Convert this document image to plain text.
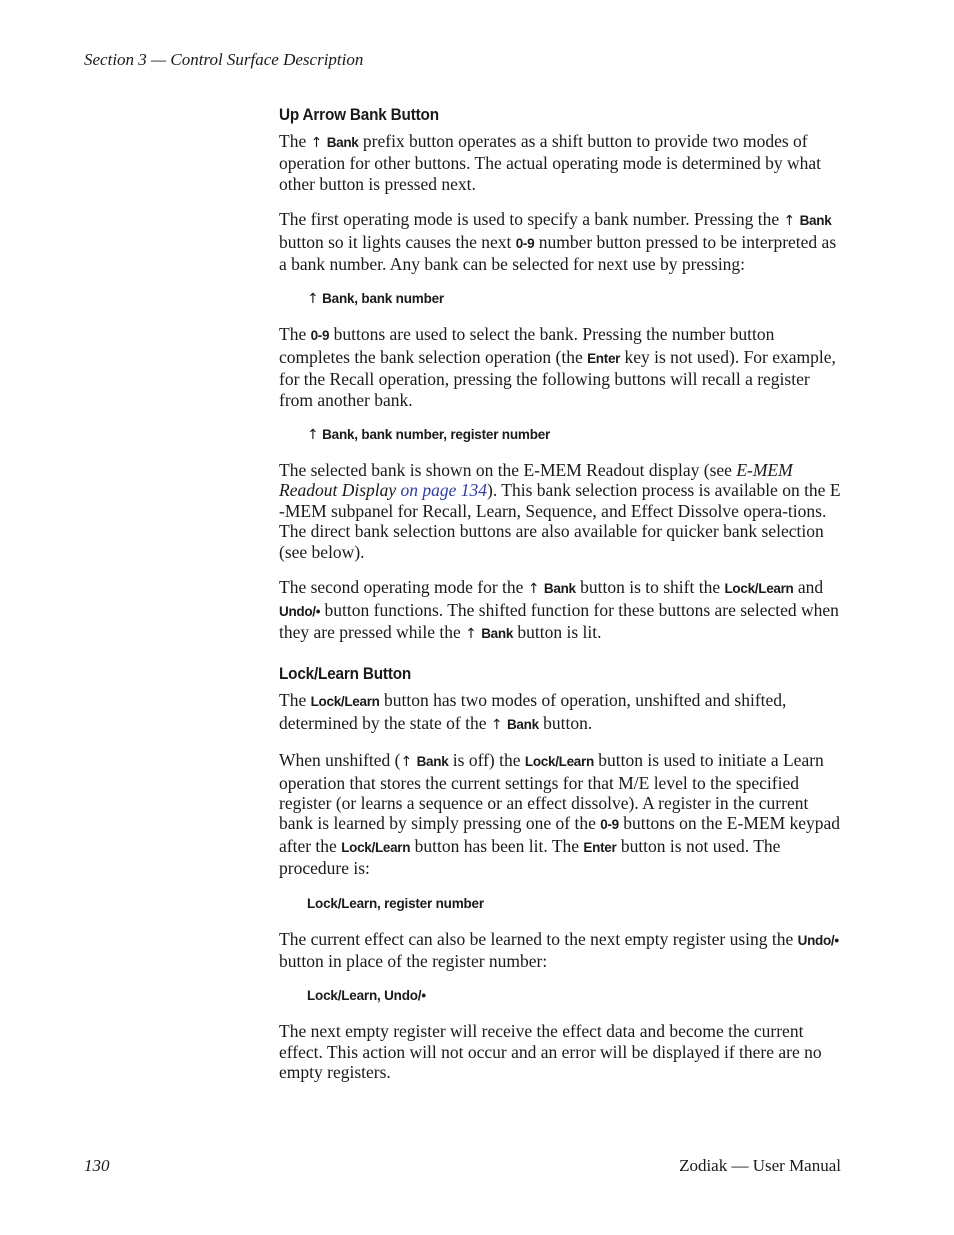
Section 3 — Control Surface Description
Up Arrow Bank Button

The ↑ Bank prefix button operates as a shift button to provide two modes of operation for other buttons. The actual operating mode is determined by what other button is pressed next.

The first operating mode is used to specify a bank number. Pressing the ↑ Bank button so it lights causes the next 0-9 number button pressed to be interpreted as a bank number. Any bank can be selected for next use by pressing:

↑ Bank, bank number

The 0-9 buttons are used to select the bank. Pressing the number button completes the bank selection operation (the Enter key is not used). For example, for the Recall operation, pressing the following buttons will recall a register from another bank.

↑ Bank, bank number, register number

The selected bank is shown on the E-MEM Readout display (see E-MEM Readout Display on page 134). This bank selection process is available on the E -MEM subpanel for Recall, Learn, Sequence, and Effect Dissolve opera-tions. The direct bank selection buttons are also available for quicker bank selection (see below).

The second operating mode for the ↑ Bank button is to shift the Lock/Learn and Undo/• button functions. The shifted function for these buttons are selected when they are pressed while the ↑ Bank button is lit.

Lock/Learn Button

The Lock/Learn button has two modes of operation, unshifted and shifted, determined by the state of the ↑ Bank button.

When unshifted (↑ Bank is off) the Lock/Learn button is used to initiate a Learn operation that stores the current settings for that M/E level to the specified register (or learns a sequence or an effect dissolve). A register in the current bank is learned by simply pressing one of the 0-9 buttons on the E-MEM keypad after the Lock/Learn button has been lit. The Enter button is not used. The procedure is:

Lock/Learn, register number

The current effect can also be learned to the next empty register using the Undo/• button in place of the register number:

Lock/Learn, Undo/•

The next empty register will receive the effect data and become the current effect. This action will not occur and an error will be displayed if there are no empty registers.

130	Zodiak — User Manual
